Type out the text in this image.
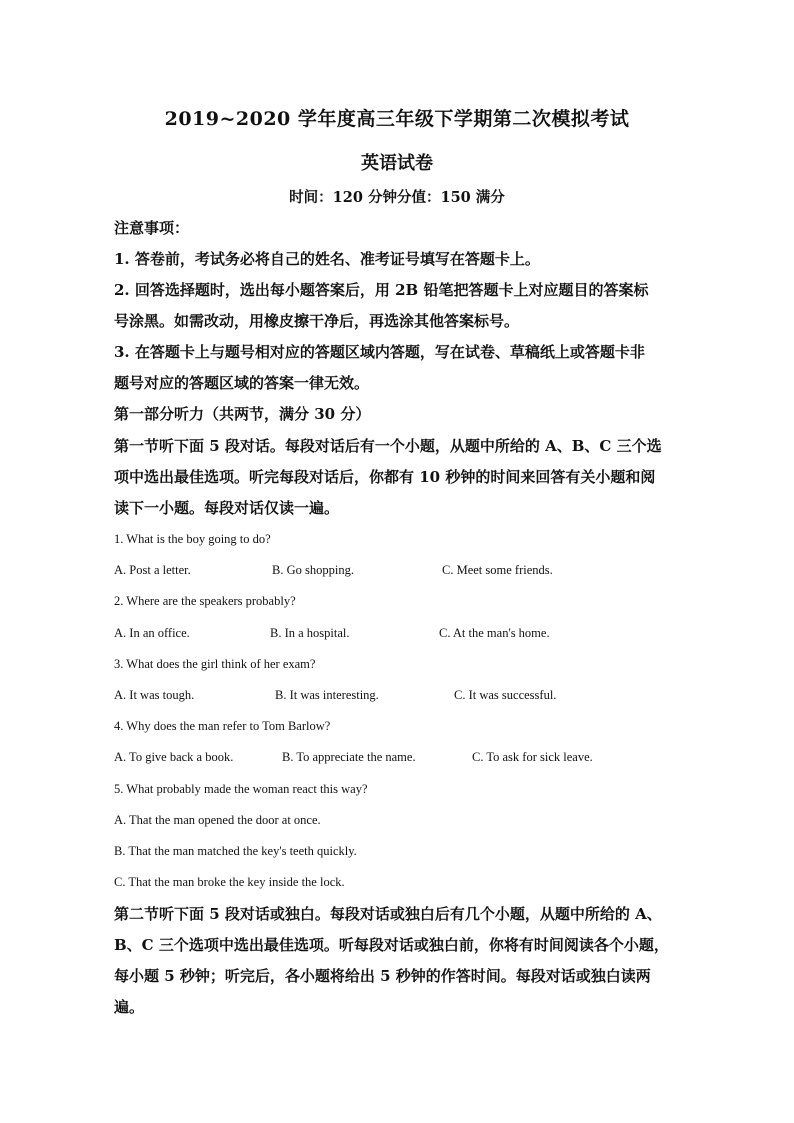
2019~2020 学年度高三年级下学期第二次模拟考试
英语试卷
时间：120 分钟分值：150 满分
注意事项：
1. 答卷前，考试务必将自己的姓名、准考证号填写在答题卡上。
2. 回答选择题时，选出每小题答案后，用 2B 铅笔把答题卡上对应题目的答案标
号涂黑。如需改动，用橡皮擦干净后，再选涂其他答案标号。
3. 在答题卡上与题号相对应的答题区域内答题，写在试卷、草稿纸上或答题卡非
题号对应的答题区域的答案一律无效。
第一部分听力（共两节，满分 30 分）
第一节听下面 5 段对话。每段对话后有一个小题，从题中所给的 A、B、C 三个选
项中选出最佳选项。听完每段对话后，你都有 10 秒钟的时间来回答有关小题和阅
读下一小题。每段对话仅读一遍。
1. What is the boy going to do?
A. Post a letter.	B. Go shopping.	C. Meet some friends.
2. Where are the speakers probably?
A. In an office.	B. In a hospital.	C. At the man's home.
3. What does the girl think of her exam?
A. It was tough.	B. It was interesting.	C. It was successful.
4. Why does the man refer to Tom Barlow?
A. To give back a book.	B. To appreciate the name.	C. To ask for sick leave.
5. What probably made the woman react this way?
A. That the man opened the door at once.
B. That the man matched the key's teeth quickly.
C. That the man broke the key inside the lock.
第二节听下面 5 段对话或独白。每段对话或独白后有几个小题，从题中所给的 A、
B、C 三个选项中选出最佳选项。听每段对话或独白前，你将有时间阅读各个小题，
每小题 5 秒钟；听完后，各小题将给出 5 秒钟的作答时间。每段对话或独白读两
遍。
